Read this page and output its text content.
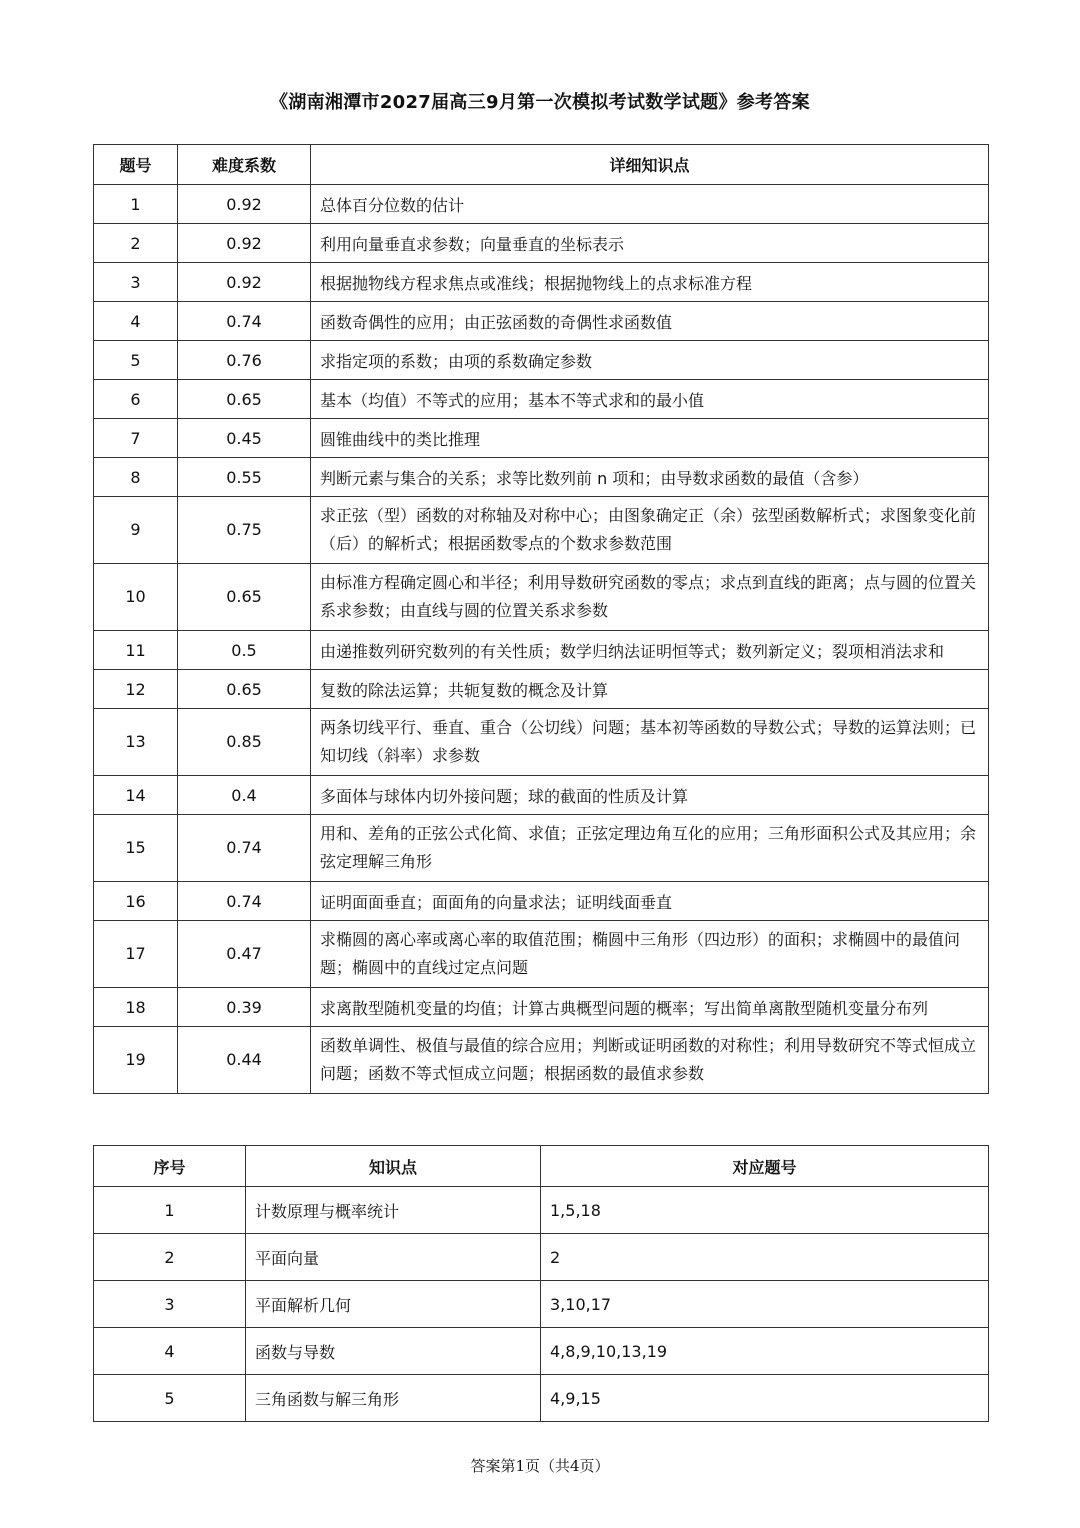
《湖南湘潭市2027届高三9月第一次模拟考试数学试题》参考答案
题号	难度系数	详细知识点
1	0.92	总体百分位数的估计
2	0.92	利用向量垂直求参数；向量垂直的坐标表示
3	0.92	根据抛物线方程求焦点或准线；根据抛物线上的点求标准方程
4	0.74	函数奇偶性的应用；由正弦函数的奇偶性求函数值
5	0.76	求指定项的系数；由项的系数确定参数
6	0.65	基本（均值）不等式的应用；基本不等式求和的最小值
7	0.45	圆锥曲线中的类比推理
8	0.55	判断元素与集合的关系；求等比数列前 n 项和；由导数求函数的最值（含参）
9	0.75	求正弦（型）函数的对称轴及对称中心；由图象确定正（余）弦型函数解析式；求图象变化前（后）的解析式；根据函数零点的个数求参数范围
10	0.65	由标准方程确定圆心和半径；利用导数研究函数的零点；求点到直线的距离；点与圆的位置关系求参数；由直线与圆的位置关系求参数
11	0.5	由递推数列研究数列的有关性质；数学归纳法证明恒等式；数列新定义；裂项相消法求和
12	0.65	复数的除法运算；共轭复数的概念及计算
13	0.85	两条切线平行、垂直、重合（公切线）问题；基本初等函数的导数公式；导数的运算法则；已知切线（斜率）求参数
14	0.4	多面体与球体内切外接问题；球的截面的性质及计算
15	0.74	用和、差角的正弦公式化简、求值；正弦定理边角互化的应用；三角形面积公式及其应用；余弦定理解三角形
16	0.74	证明面面垂直；面面角的向量求法；证明线面垂直
17	0.47	求椭圆的离心率或离心率的取值范围；椭圆中三角形（四边形）的面积；求椭圆中的最值问题；椭圆中的直线过定点问题
18	0.39	求离散型随机变量的均值；计算古典概型问题的概率；写出简单离散型随机变量分布列
19	0.44	函数单调性、极值与最值的综合应用；判断或证明函数的对称性；利用导数研究不等式恒成立问题；函数不等式恒成立问题；根据函数的最值求参数
序号	知识点	对应题号
1	计数原理与概率统计	1,5,18
2	平面向量	2
3	平面解析几何	3,10,17
4	函数与导数	4,8,9,10,13,19
5	三角函数与解三角形	4,9,15
答案第1页（共4页）
